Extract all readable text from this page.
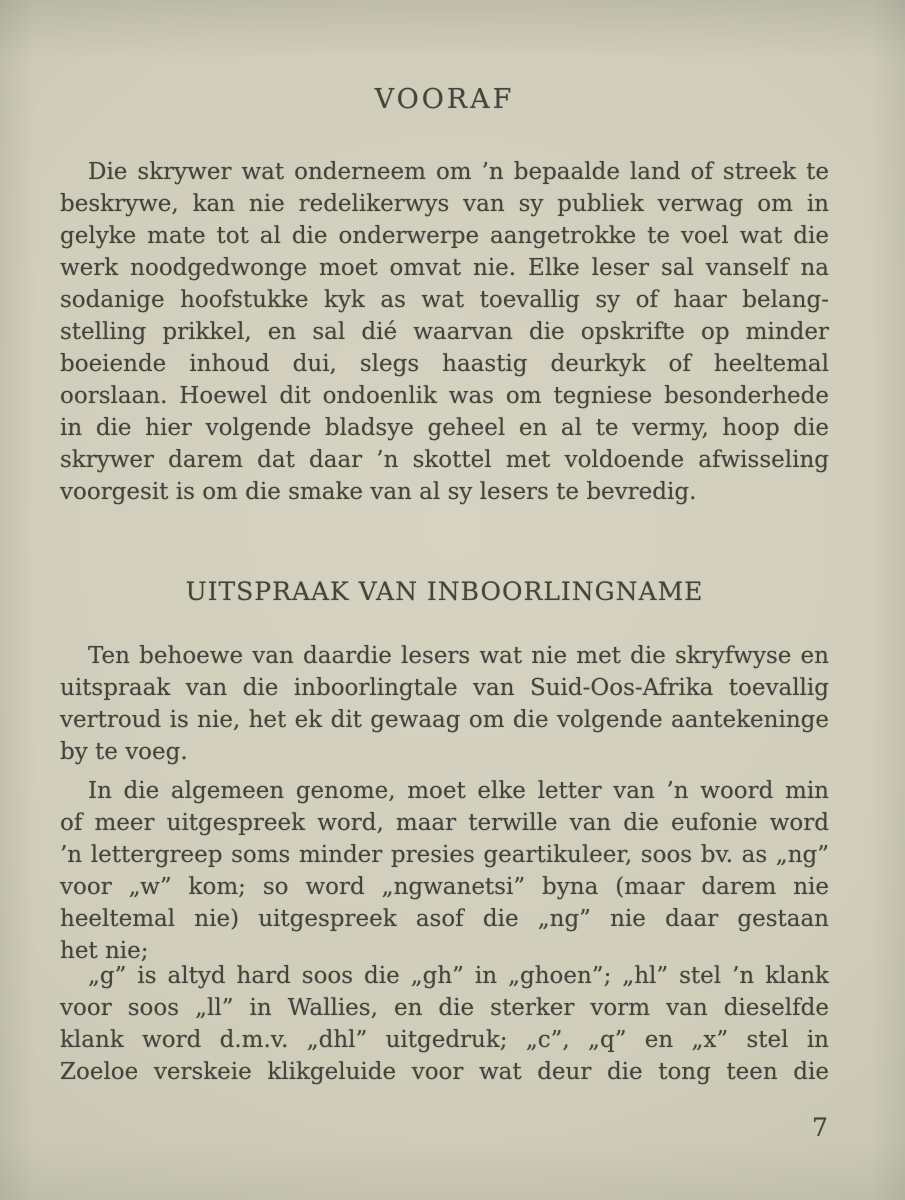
VOORAF
Die skrywer wat onderneem om ’n bepaalde land of streek te
beskrywe, kan nie redelikerwys van sy publiek verwag om in
gelyke mate tot al die onderwerpe aangetrokke te voel wat die
werk noodgedwonge moet omvat nie. Elke leser sal vanself na
sodanige hoofstukke kyk as wat toevallig sy of haar belang-
stelling prikkel, en sal dié waarvan die opskrifte op minder
boeiende inhoud dui, slegs haastig deurkyk of heeltemal
oorslaan. Hoewel dit ondoenlik was om tegniese besonderhede
in die hier volgende bladsye geheel en al te vermy, hoop die
skrywer darem dat daar ’n skottel met voldoende afwisseling
voorgesit is om die smake van al sy lesers te bevredig.
UITSPRAAK VAN INBOORLINGNAME
Ten behoewe van daardie lesers wat nie met die skryfwyse en
uitspraak van die inboorlingtale van Suid-Oos-Afrika toevallig
vertroud is nie, het ek dit gewaag om die volgende aantekeninge
by te voeg.
In die algemeen genome, moet elke letter van ’n woord min
of meer uitgespreek word, maar terwille van die eufonie word
’n lettergreep soms minder presies geartikuleer, soos bv. as „ng”
voor „w” kom; so word „ngwanetsi” byna (maar darem nie
heeltemal nie) uitgespreek asof die „ng” nie daar gestaan
het nie;
„g” is altyd hard soos die „gh” in „ghoen”; „hl” stel ’n klank
voor soos „ll” in Wallies, en die sterker vorm van dieselfde
klank word d.m.v. „dhl” uitgedruk; „c”, „q” en „x” stel in
Zoeloe verskeie klikgeluide voor wat deur die tong teen die
7
